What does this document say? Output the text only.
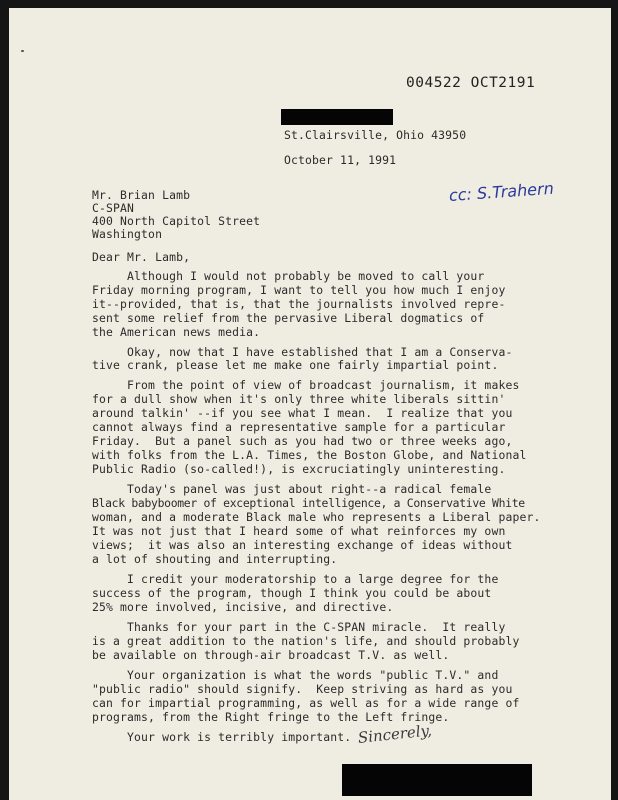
004522 OCT2191
St.Clairsville, Ohio 43950
October 11, 1991
cc: S.Trahern
Mr. Brian Lamb
C-SPAN
400 North Capitol Street
Washington
Dear Mr. Lamb,
Although I would not probably be moved to call your
Friday morning program, I want to tell you how much I enjoy
it--provided, that is, that the journalists involved repre-
sent some relief from the pervasive Liberal dogmatics of
the American news media.
Okay, now that I have established that I am a Conserva-
tive crank, please let me make one fairly impartial point.
From the point of view of broadcast journalism, it makes
for a dull show when it's only three white liberals sittin'
around talkin' --if you see what I mean.  I realize that you
cannot always find a representative sample for a particular
Friday.  But a panel such as you had two or three weeks ago,
with folks from the L.A. Times, the Boston Globe, and National
Public Radio (so-called!), is excruciatingly uninteresting.
Today's panel was just about right--a radical female
Black babyboomer of exceptional intelligence, a Conservative White
woman, and a moderate Black male who represents a Liberal paper.
It was not just that I heard some of what reinforces my own
views;  it was also an interesting exchange of ideas without
a lot of shouting and interrupting.
I credit your moderatorship to a large degree for the
success of the program, though I think you could be about
25% more involved, incisive, and directive.
Thanks for your part in the C-SPAN miracle.  It really
is a great addition to the nation's life, and should probably
be available on through-air broadcast T.V. as well.
Your organization is what the words "public T.V." and
"public radio" should signify.  Keep striving as hard as you
can for impartial programming, as well as for a wide range of
programs, from the Right fringe to the Left fringe.
Your work is terribly important. Sincerely,
